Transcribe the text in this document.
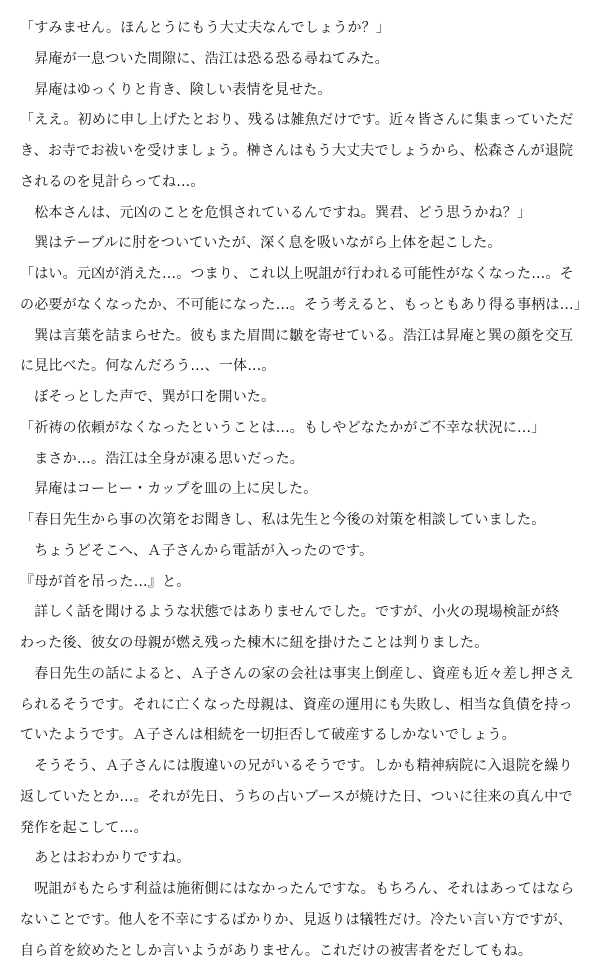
「すみません。ほんとうにもう大丈夫なんでしょうか？」
　昇庵が一息ついた間隙に、浩江は恐る恐る尋ねてみた。
　昇庵はゆっくりと肯き、険しい表情を見せた。
「ええ。初めに申し上げたとおり、残るは雑魚だけです。近々皆さんに集まっていただ
き、お寺でお祓いを受けましょう。榊さんはもう大丈夫でしょうから、松森さんが退院
されるのを見計らってね…。
　松本さんは、元凶のことを危惧されているんですね。巽君、どう思うかね？」
　巽はテーブルに肘をついていたが、深く息を吸いながら上体を起こした。
「はい。元凶が消えた…。つまり、これ以上呪詛が行われる可能性がなくなった…。そ
の必要がなくなったか、不可能になった…。そう考えると、もっともあり得る事柄は…」
　巽は言葉を詰まらせた。彼もまた眉間に皺を寄せている。浩江は昇庵と巽の顔を交互
に見比べた。何なんだろう…、一体…。
　ぼそっとした声で、巽が口を開いた。
「祈祷の依頼がなくなったということは…。もしやどなたかがご不幸な状況に…」
　まさか…。浩江は全身が凍る思いだった。
　昇庵はコーヒー・カップを皿の上に戻した。
「春日先生から事の次第をお聞きし、私は先生と今後の対策を相談していました。
　ちょうどそこへ、Ａ子さんから電話が入ったのです。
『母が首を吊った…』と。
　詳しく話を聞けるような状態ではありませんでした。ですが、小火の現場検証が終
わった後、彼女の母親が燃え残った棟木に紐を掛けたことは判りました。
　春日先生の話によると、Ａ子さんの家の会社は事実上倒産し、資産も近々差し押さえ
られるそうです。それに亡くなった母親は、資産の運用にも失敗し、相当な負債を持っ
ていたようです。Ａ子さんは相続を一切拒否して破産するしかないでしょう。
　そうそう、Ａ子さんには腹違いの兄がいるそうです。しかも精神病院に入退院を繰り
返していたとか…。それが先日、うちの占いブースが焼けた日、ついに往来の真ん中で
発作を起こして…。
　あとはおわかりですね。
　呪詛がもたらす利益は施術側にはなかったんですな。もちろん、それはあってはなら
ないことです。他人を不幸にするばかりか、見返りは犠牲だけ。冷たい言い方ですが、
自ら首を絞めたとしか言いようがありません。これだけの被害者をだしてもね。
